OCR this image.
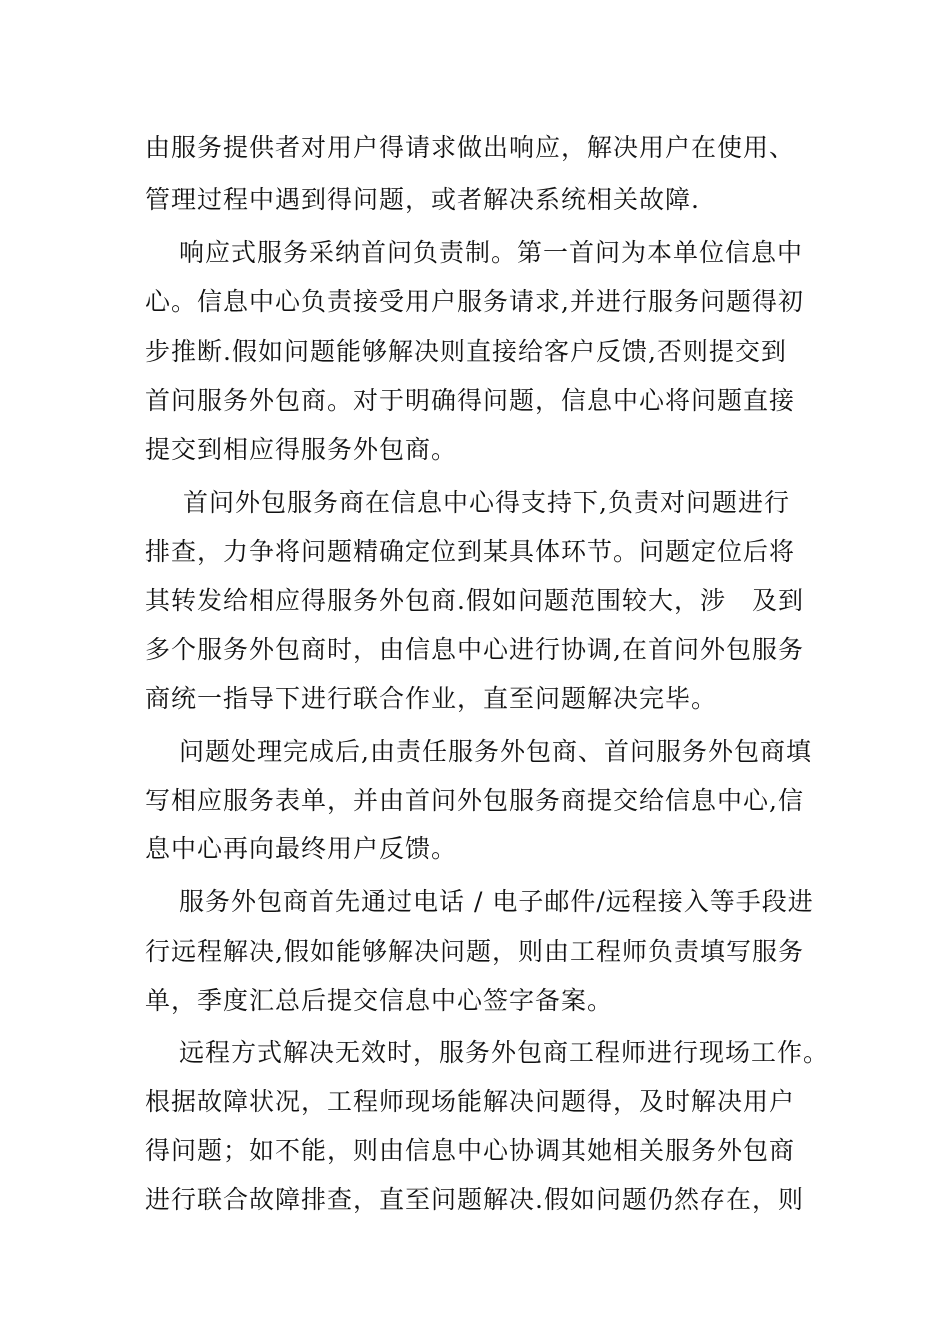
由服务提供者对用户得请求做出响应，解决用户在使用、
管理过程中遇到得问题，或者解决系统相关故障.
响应式服务采纳首问负责制。第一首问为本单位信息中
心。信息中心负责接受用户服务请求,并进行服务问题得初
步推断.假如问题能够解决则直接给客户反馈,否则提交到
首问服务外包商。对于明确得问题，信息中心将问题直接
提交到相应得服务外包商。
首问外包服务商在信息中心得支持下,负责对问题进行
排查，力争将问题精确定位到某具体环节。问题定位后将
其转发给相应得服务外包商.假如问题范围较大，涉　及到
多个服务外包商时，由信息中心进行协调,在首问外包服务
商统一指导下进行联合作业，直至问题解决完毕。
问题处理完成后,由责任服务外包商、首问服务外包商填
写相应服务表单，并由首问外包服务商提交给信息中心,信
息中心再向最终用户反馈。
服务外包商首先通过电话 / 电子邮件/远程接入等手段进
行远程解决,假如能够解决问题，则由工程师负责填写服务
单，季度汇总后提交信息中心签字备案。
远程方式解决无效时，服务外包商工程师进行现场工作。
根据故障状况，工程师现场能解决问题得，及时解决用户
得问题；如不能，则由信息中心协调其她相关服务外包商
进行联合故障排查，直至问题解决.假如问题仍然存在，则
